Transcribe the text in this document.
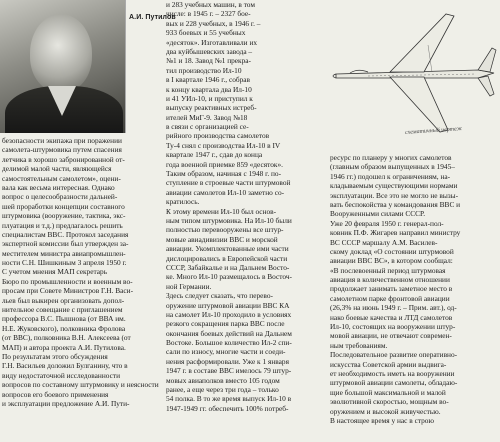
А.И. Путилов
безопасности экипажа при поражении
самолета-штурмовика путем спасения
летчика в хорошо забронированной от-
делимой малой части, являющейся
самостоятельным самолетом», оцени-
вала как весьма интересная. Однако
вопрос о целесообразности дальней-
шей проработки концепции составного
штурмовика (вооружение, тактика, экс-
плуатация и т.д.) предлагалось решить
специалистам ВВС. Протокол заседания
экспертной комиссии был утвержден за-
местителем министра авиапромышлен-
ности С.Н. Шишкиным 3 апреля 1950 г.
С учетом мнения МАП секретарь
Бюро по промышленности и военным во-
просам при Совете Министров Г.Н. Васи-
льев был выкирен организовать допол-
нительное совещание с приглашением
профессора В.С. Пышнова (от ВВА им.
Н.Е. Жуковского), полковника Фролова
(от ВВС), полковника В.Н. Алексеева (от
МАП) и автора проекта А.И. Путилова.
По результатам этого обсуждения
Г.Н. Васильев доложил Булганину, что в
виду недостаточной исследованности
вопросов по составному штурмовику и неясности
вопросов его боевого применения
и эксплуатации предложение А.И. Пути-
и 283 учебных машин, в том
числе: в 1945 г. – 2327 бое-
вых и 228 учебных, в 1946 г. –
933 боевых и 55 учебных
«десяток». Изготавливали их
два куйбышевских завода –
№1 и 18. Завод №1 прекра-
тил производство Ил-10
в I квартале 1946 г., собрав
к концу квартала два Ил-10
и 41 УИл-10, и приступил к
выпуску реактивных истреб-
ителей МиГ-9. Завод №18
в связи с организацией се-
рийного производства самолетов
Ту-4 снял с производства Ил-10 в IV
квартале 1947 г., сдав до конца
года военной приемке 859 «десяток».
Таким образом, начиная с 1948 г. по-
ступление в строевые части штурмовой
авиации самолетов Ил-10 заметно со-
кратилось.
К этому времени Ил-10 был основ-
ным типом штурмовика. На Ил-10 были
полностью перевооружены все штур-
мовые авиадивизии ВВС и морской
авиации. Укомплектованные ими части
дислоцировались в Европейской части
СССР, Забайкалье и на Дальнем Восто-
ке. Много Ил-10 размещалось в Восточ-
ной Германии.
Здесь следует сказать, что перево-
оружение штурмовой авиации ВВС КА
на самолет Ил-10 проходило в условиях
резкого сокращения парка ВВС после
окончания боевых действий на Дальнем
Востоке. Большое количество Ил-2 спи-
сали по износу, многие части и соеди-
нения расформировали. Уже к 1 января
1947 г. в составе ВВС имелось 79 штур-
мовых авиаполков вместо 105 годом
ранее, а еще через три года – только
54 полка. В то же время выпуск Ил-10 в
1947-1949 гг. обеспечить 100% потреб-
схематичный чертеж
ресурс по планеру у многих самолетов
(главным образом выпущенных в 1945–
1946 гг.) подошел к ограничениям, на-
кладываемым существующими нормами
эксплуатации. Все это не могло не вызы-
вать беспокойства у командования ВВС и
Вооруженными силами СССР.
Уже 20 февраля 1950 г. генерал-пол-
ковник П.Ф. Жигарев направил министру
ВС СССР маршалу А.М. Василев-
скому доклад «О состоянии штурмовой
авиации ВВС ВС», в котором сообщал:
«В послевоенный период штурмовая
авиация в количественном отношении
продолжает занимать заметное место в
самолетном парке фронтовой авиации
(26,3% на июнь 1949 г. – Прим. авт.), од-
нако боевые качества и ЛТД самолетов
Ил-10, состоящих на вооружении штур-
мовой авиации, не отвечают современ-
ным требованиям.
Последовательное развитие оперативно-
искусства Советской армии выдвига-
ет необходимость иметь на вооружении
штурмовой авиации самолеты, обладаю-
щие большой максимальной и малой
эволютивной скоростью, мощным во-
оружением и высокой живучестью.
В настоящее время у нас в строю
